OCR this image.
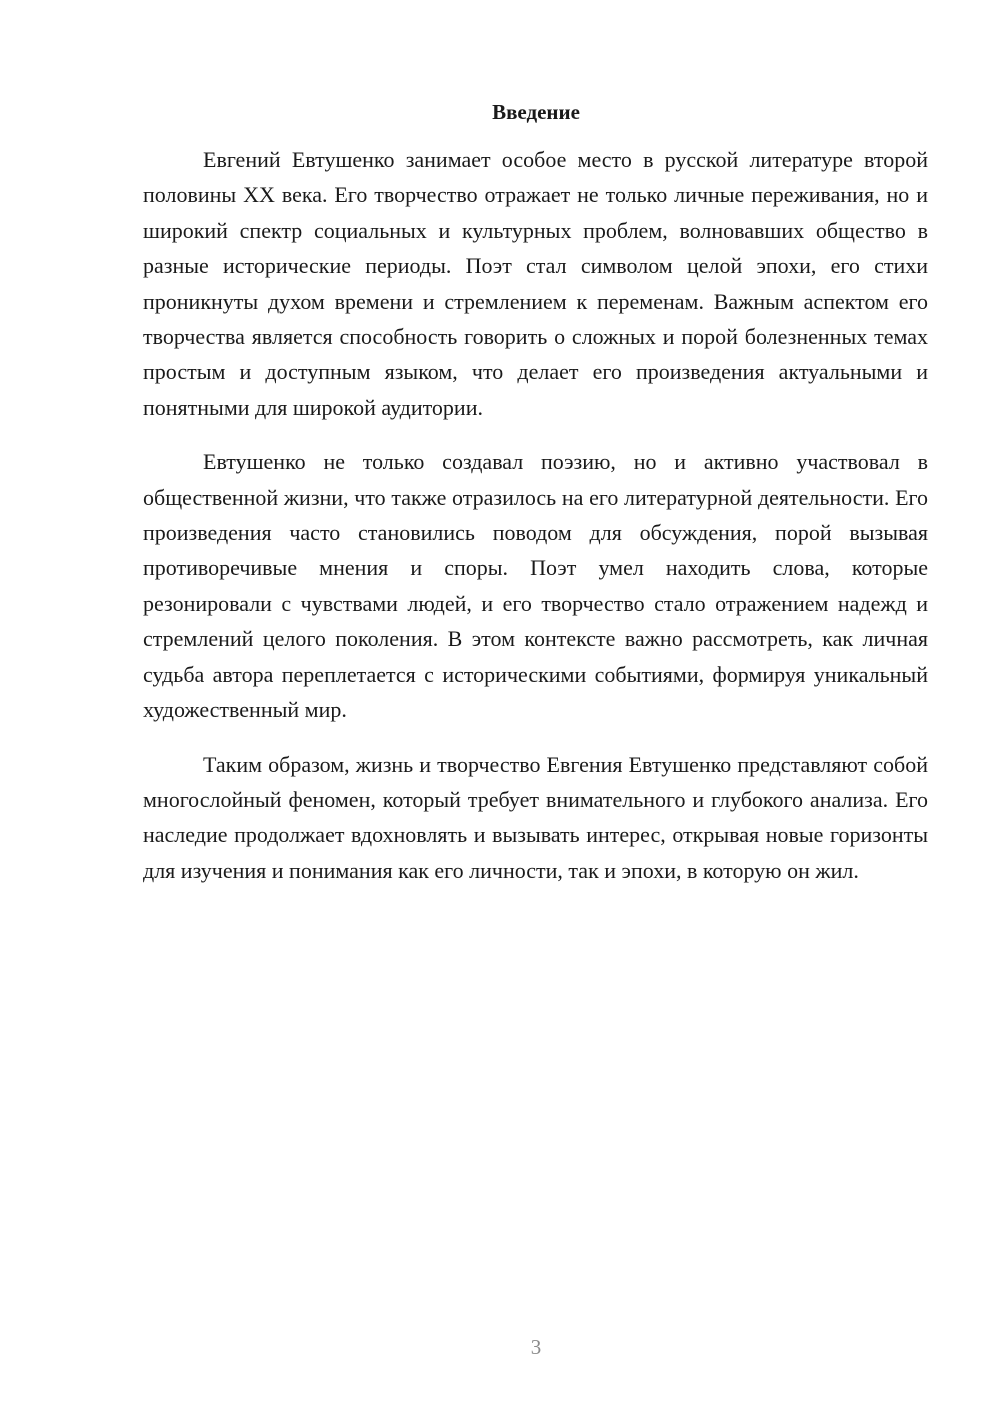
Введение

Евгений Евтушенко занимает особое место в русской литературе второй половины XX века. Его творчество отражает не только личные переживания, но и широкий спектр социальных и культурных проблем, волновавших общество в разные исторические периоды. Поэт стал символом целой эпохи, его стихи проникнуты духом времени и стремлением к переменам. Важным аспектом его творчества является способность говорить о сложных и порой болезненных темах простым и доступным языком, что делает его произведения актуальными и понятными для широкой аудитории.

Евтушенко не только создавал поэзию, но и активно участвовал в общественной жизни, что также отразилось на его литературной деятельности. Его произведения часто становились поводом для обсуждения, порой вызывая противоречивые мнения и споры. Поэт умел находить слова, которые резонировали с чувствами людей, и его творчество стало отражением надежд и стремлений целого поколения. В этом контексте важно рассмотреть, как личная судьба автора переплетается с историческими событиями, формируя уникальный художественный мир.

Таким образом, жизнь и творчество Евгения Евтушенко представляют собой многослойный феномен, который требует внимательного и глубокого анализа. Его наследие продолжает вдохновлять и вызывать интерес, открывая новые горизонты для изучения и понимания как его личности, так и эпохи, в которую он жил.

3
